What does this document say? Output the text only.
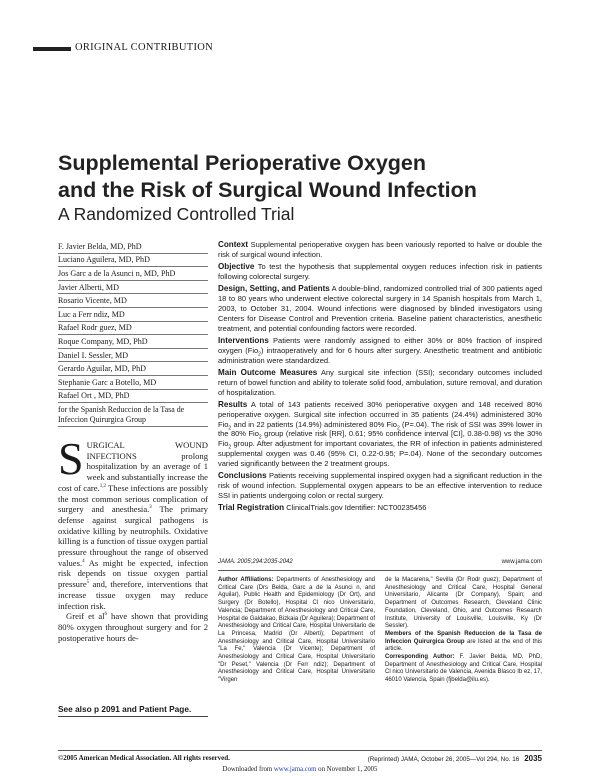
ORIGINAL CONTRIBUTION
Supplemental Perioperative Oxygen
and the Risk of Surgical Wound Infection
A Randomized Controlled Trial
F. Javier Belda, MD, PhD
Luciano Aguilera, MD, PhD
Jos Garc a de la Asunci n, MD, PhD
Javier Alberti, MD
Rosario Vicente, MD
Luc a Ferr ndiz, MD
Rafael Rodr guez, MD
Roque Company, MD, PhD
Daniel I. Sessler, MD
Gerardo Aguilar, MD, PhD
Stephanie Garc a Botello, MD
Rafael Ort , MD, PhD
for the Spanish Reduccion de la Tasa de Infeccion Quirurgica Group
S URGICAL WOUND INFECTIONS prolong hospitalization by an average of 1 week and substantially increase the cost of care.$^{1,2}$ These infections are possibly the most common serious complication of surgery and anesthesia.$^3$ The primary defense against surgical pathogens is oxidative killing by neutrophils. Oxidative killing is a function of tissue oxygen partial pressure throughout the range of observed values.$^4$ As might be expected, infection risk depends on tissue oxygen partial pressure$^5$ and, therefore, interventions that increase tissue oxygen may reduce infection risk.
Greif et $al^6$ have shown that providing 80% oxygen throughout surgery and for 2 postoperative hours de-
See also p 2091 and Patient Page.

Context Supplemental perioperative oxygen has been variously reported to halve or double the risk of surgical wound infection.

Objective To test the hypothesis that supplemental oxygen reduces infection risk in patients following colorectal surgery.

Design, Setting, and Patients A double-blind, randomized controlled trial of 300 patients aged 18 to 80 years who underwent elective colorectal surgery in 14 Spanish hospitals from March 1, 2003, to October 31, 2004. Wound infections were diagnosed by blinded investigators using Centers for Disease Control and Prevention criteria. Baseline patient characteristics, anesthetic treatment, and potential confounding factors were recorded.

Interventions Patients were randomly assigned to either 30% or 80% fraction of inspired oxygen (Fio$_2$) intraoperatively and for 6 hours after surgery. Anesthetic treatment and antibiotic administration were standardized.

Main Outcome Measures Any surgical site infection (SSI); secondary outcomes included return of bowel function and ability to tolerate solid food, ambulation, suture removal, and duration of hospitalization.

Results A total of 143 patients received 30% perioperative oxygen and 148 received 80% perioperative oxygen. Surgical site infection occurred in 35 patients (24.4%) administered 30% Fio$_2$ and in 22 patients (14.9%) administered 80% Fio$_2$ (P=.04). The risk of SSI was 39% lower in the 80% Fio$_2$ group (relative risk [RR], 0.61; 95% confidence interval [CI], 0.38-0.98) vs the 30% Fio$_2$ group. After adjustment for important covariates, the RR of infection in patients administered supplemental oxygen was 0.46 (95% CI, 0.22-0.95; P=.04). None of the secondary outcomes varied significantly between the 2 treatment groups.

Conclusions Patients receiving supplemental inspired oxygen had a significant reduction in the risk of wound infection. Supplemental oxygen appears to be an effective intervention to reduce SSI in patients undergoing colon or rectal surgery.

Trial Registration ClinicalTrials.gov Identifier: NCT00235456

JAMA. 2005;294:2035-2042	www.jama.com

Author Affiliations: Departments of Anesthesiology and Critical Care (Drs Belda, Garc a de la Asunci n, and Aguilar), Public Health and Epidemiology (Dr Ort), and Surgery (Dr Botello), Hospital Cl nico Universitario, Valencia; Department of Anesthesiology and Critical Care, Hospital de Galdakao, Bizkaia (Dr Aguilera); Department of Anesthesiology and Critical Care, Hospital Universitario de La Princesa, Madrid (Dr Alberti); Department of Anesthesiology and Critical Care, Hospital Universitario "La Fe," Valencia (Dr Vicente); Department of Anesthesiology and Critical Care, Hospital Universitario "Dr Peset," Valencia (Dr Ferr ndiz); Department of Anesthesiology and Critical Care, Hospital Universitario "Virgen

de la Macarena," Sevilla (Dr Rodr guez); Department of Anesthesiology and Critical Care, Hospital General Universitario, Alicante (Dr Company), Spain; and Department of Outcomes Research, Cleveland Clinic Foundation, Cleveland, Ohio, and Outcomes Research Institute, University of Louisville, Louisville, Ky (Dr Sessler).

Members of the Spanish Reduccion de la Tasa de Infeccion Quirurgica Group are listed at the end of this article.

Corresponding Author: F. Javier Belda, MD, PhD, Department of Anesthesiology and Critical Care, Hospital Cl nico Universitario de Valencia, Avenida Blasco Ib ez, 17, 46010 Valencia, Spain (fjbelda@ilu.es).

©2005 American Medical Association. All rights reserved.	(Reprinted) JAMA, October 26, 2005—Vol 294, No. 16 2035
Downloaded from www.jama.com on November 1, 2005
